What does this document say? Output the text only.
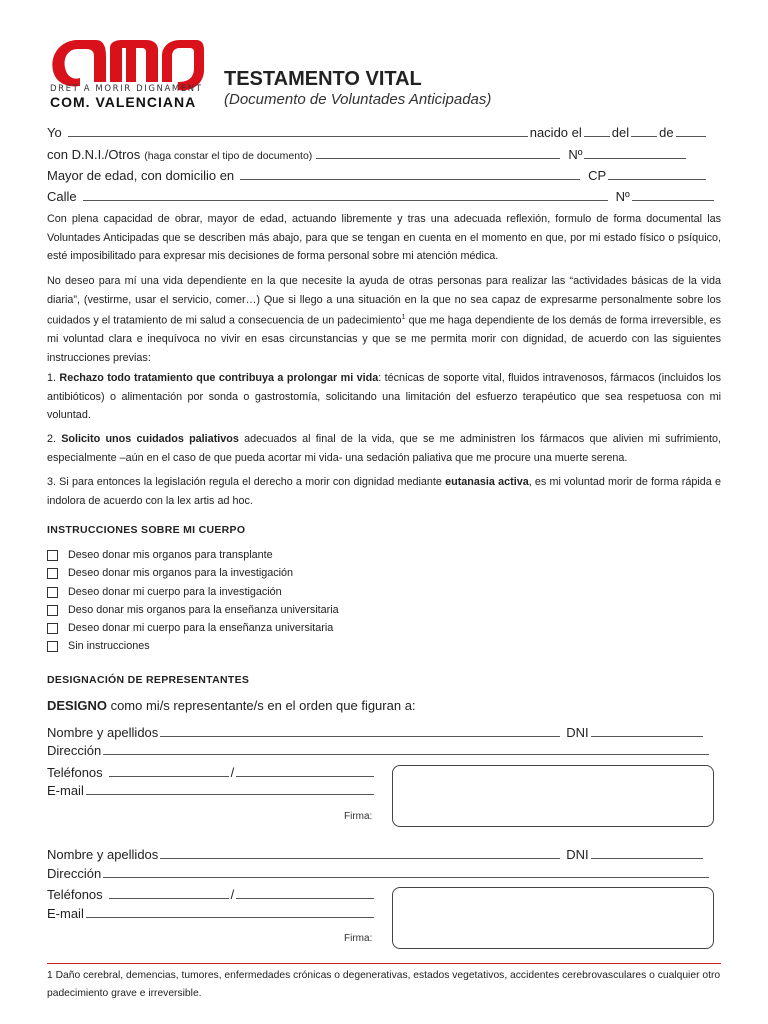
DRET A MORIR DIGNAMENT
COM. VALENCIANA
TESTAMENTO VITAL
(Documento de Voluntades Anticipadas)
Yo	nacido el del de
con D.N.I./Otros (haga constar el tipo de documento)	Nº
Mayor de edad, con domicilio en	CP
Calle	Nº
Con plena capacidad de obrar, mayor de edad, actuando libremente y tras una adecuada reflexión, formulo de forma documental las Voluntades Anticipadas que se describen más abajo, para que se tengan en cuenta en el momento en que, por mi estado físico o psíquico, esté imposibilitado para expresar mis decisiones de forma personal sobre mi atención médica.
No deseo para mí una vida dependiente en la que necesite la ayuda de otras personas para realizar las “actividades básicas de la vida diaria”, (vestirme, usar el servicio, comer…) Que si llego a una situación en la que no sea capaz de expresarme personalmente sobre los cuidados y el tratamiento de mi salud a consecuencia de un padecimiento$^1$ que me haga dependiente de los demás de forma irreversible, es mi voluntad clara e inequívoca no vivir en esas circunstancias y que se me permita morir con dignidad, de acuerdo con las siguientes instrucciones previas:
1. Rechazo todo tratamiento que contribuya a prolongar mi vida: técnicas de soporte vital, fluidos intravenosos, fármacos (incluidos los antibióticos) o alimentación por sonda o gastrostomía, solicitando una limitación del esfuerzo terapéutico que sea respetuosa con mi voluntad.
2. Solicito unos cuidados paliativos adecuados al final de la vida, que se me administren los fármacos que alivien mi sufrimiento, especialmente –aún en el caso de que pueda acortar mi vida- una sedación paliativa que me procure una muerte serena.
3. Si para entonces la legislación regula el derecho a morir con dignidad mediante eutanasia activa, es mi voluntad morir de forma rápida e indolora de acuerdo con la lex artis ad hoc.
INSTRUCCIONES SOBRE MI CUERPO
Deseo donar mis organos para transplante
Deseo donar mis organos para la investigación
Deseo donar mi cuerpo para la investigación
Deso donar mis organos para la enseñanza universitaria
Deseo donar mi cuerpo para la enseñanza universitaria
Sin instrucciones
DESIGNACIÓN DE REPRESENTANTES
DESIGNO como mi/s representante/s en el orden que figuran a:
Nombre y apellidos	DNI
Dirección
Teléfonos	/
E-mail
Firma:
Nombre y apellidos	DNI
Dirección
Teléfonos	/
E-mail
Firma:
1 Daño cerebral, demencias, tumores, enfermedades crónicas o degenerativas, estados vegetativos, accidentes cerebrovasculares o cualquier otro padecimiento grave e irreversible.
